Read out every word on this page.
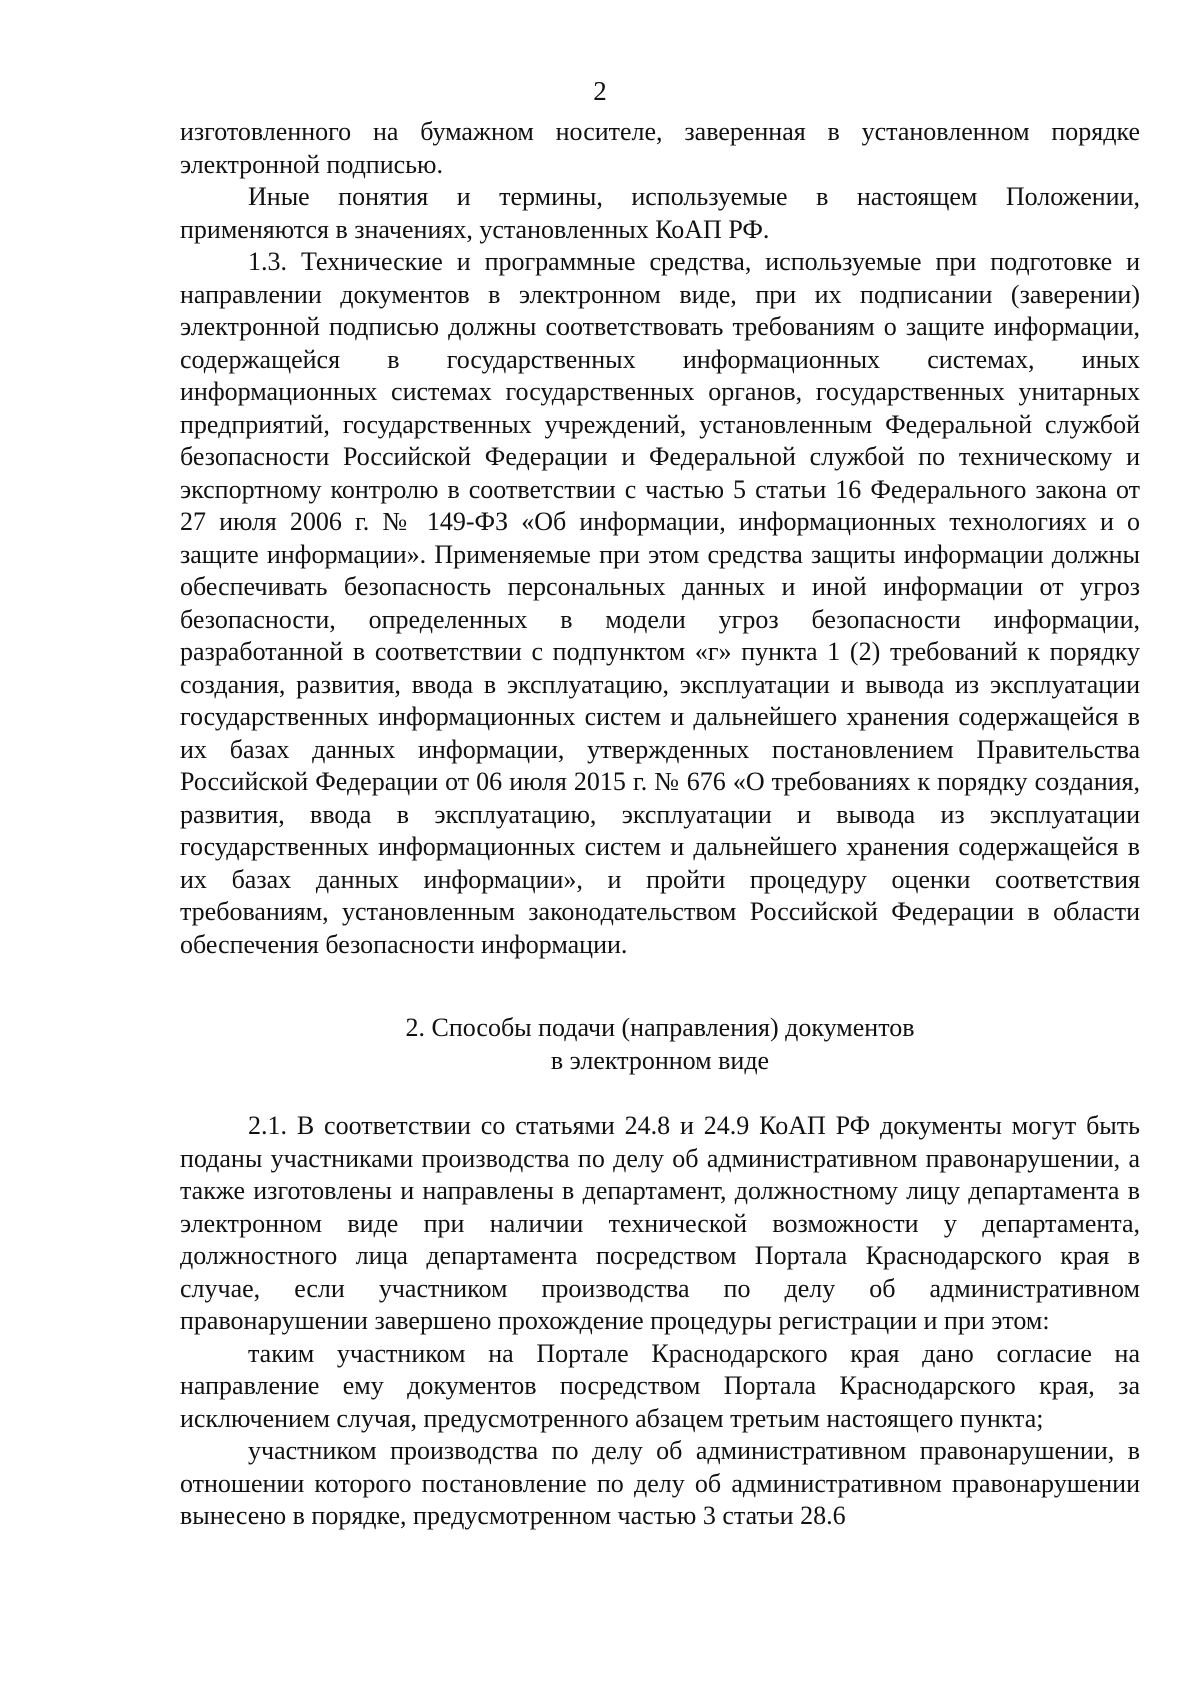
2

изготовленного на бумажном носителе, заверенная в установленном порядке электронной подписью.

Иные понятия и термины, используемые в настоящем Положении, применяются в значениях, установленных КоАП РФ.

1.3. Технические и программные средства, используемые при подготовке и направлении документов в электронном виде, при их подписании (заверении) электронной подписью должны соответствовать требованиям о защите информации, содержащейся в государственных информационных системах, иных информационных системах государственных органов, государственных унитарных предприятий, государственных учреждений, установленным Федеральной службой безопасности Российской Федерации и Федеральной службой по техническому и экспортному контролю в соответствии с частью 5 статьи 16 Федерального закона от 27 июля 2006 г. № 149-ФЗ «Об информации, информационных технологиях и о защите информации». Применяемые при этом средства защиты информации должны обеспечивать безопасность персональных данных и иной информации от угроз безопасности, определенных в модели угроз безопасности информации, разработанной в соответствии с подпунктом «г» пункта 1 (2) требований к порядку создания, развития, ввода в эксплуатацию, эксплуатации и вывода из эксплуатации государственных информационных систем и дальнейшего хранения содержащейся в их базах данных информации, утвержденных постановлением Правительства Российской Федерации от 06 июля 2015 г. № 676 «О требованиях к порядку создания, развития, ввода в эксплуатацию, эксплуатации и вывода из эксплуатации государственных информационных систем и дальнейшего хранения содержащейся в их базах данных информации», и пройти процедуру оценки соответствия требованиям, установленным законодательством Российской Федерации в области обеспечения безопасности информации.

2. Способы подачи (направления) документов
в электронном виде

2.1. В соответствии со статьями 24.8 и 24.9 КоАП РФ документы могут быть поданы участниками производства по делу об административном правонарушении, а также изготовлены и направлены в департамент, должностному лицу департамента в электронном виде при наличии технической возможности у департамента, должностного лица департамента посредством Портала Краснодарского края в случае, если участником производства по делу об административном правонарушении завершено прохождение процедуры регистрации и при этом:

таким участником на Портале Краснодарского края дано согласие на направление ему документов посредством Портала Краснодарского края, за исключением случая, предусмотренного абзацем третьим настоящего пункта;

участником производства по делу об административном правонарушении, в отношении которого постановление по делу об административном правонарушении вынесено в порядке, предусмотренном частью 3 статьи 28.6
